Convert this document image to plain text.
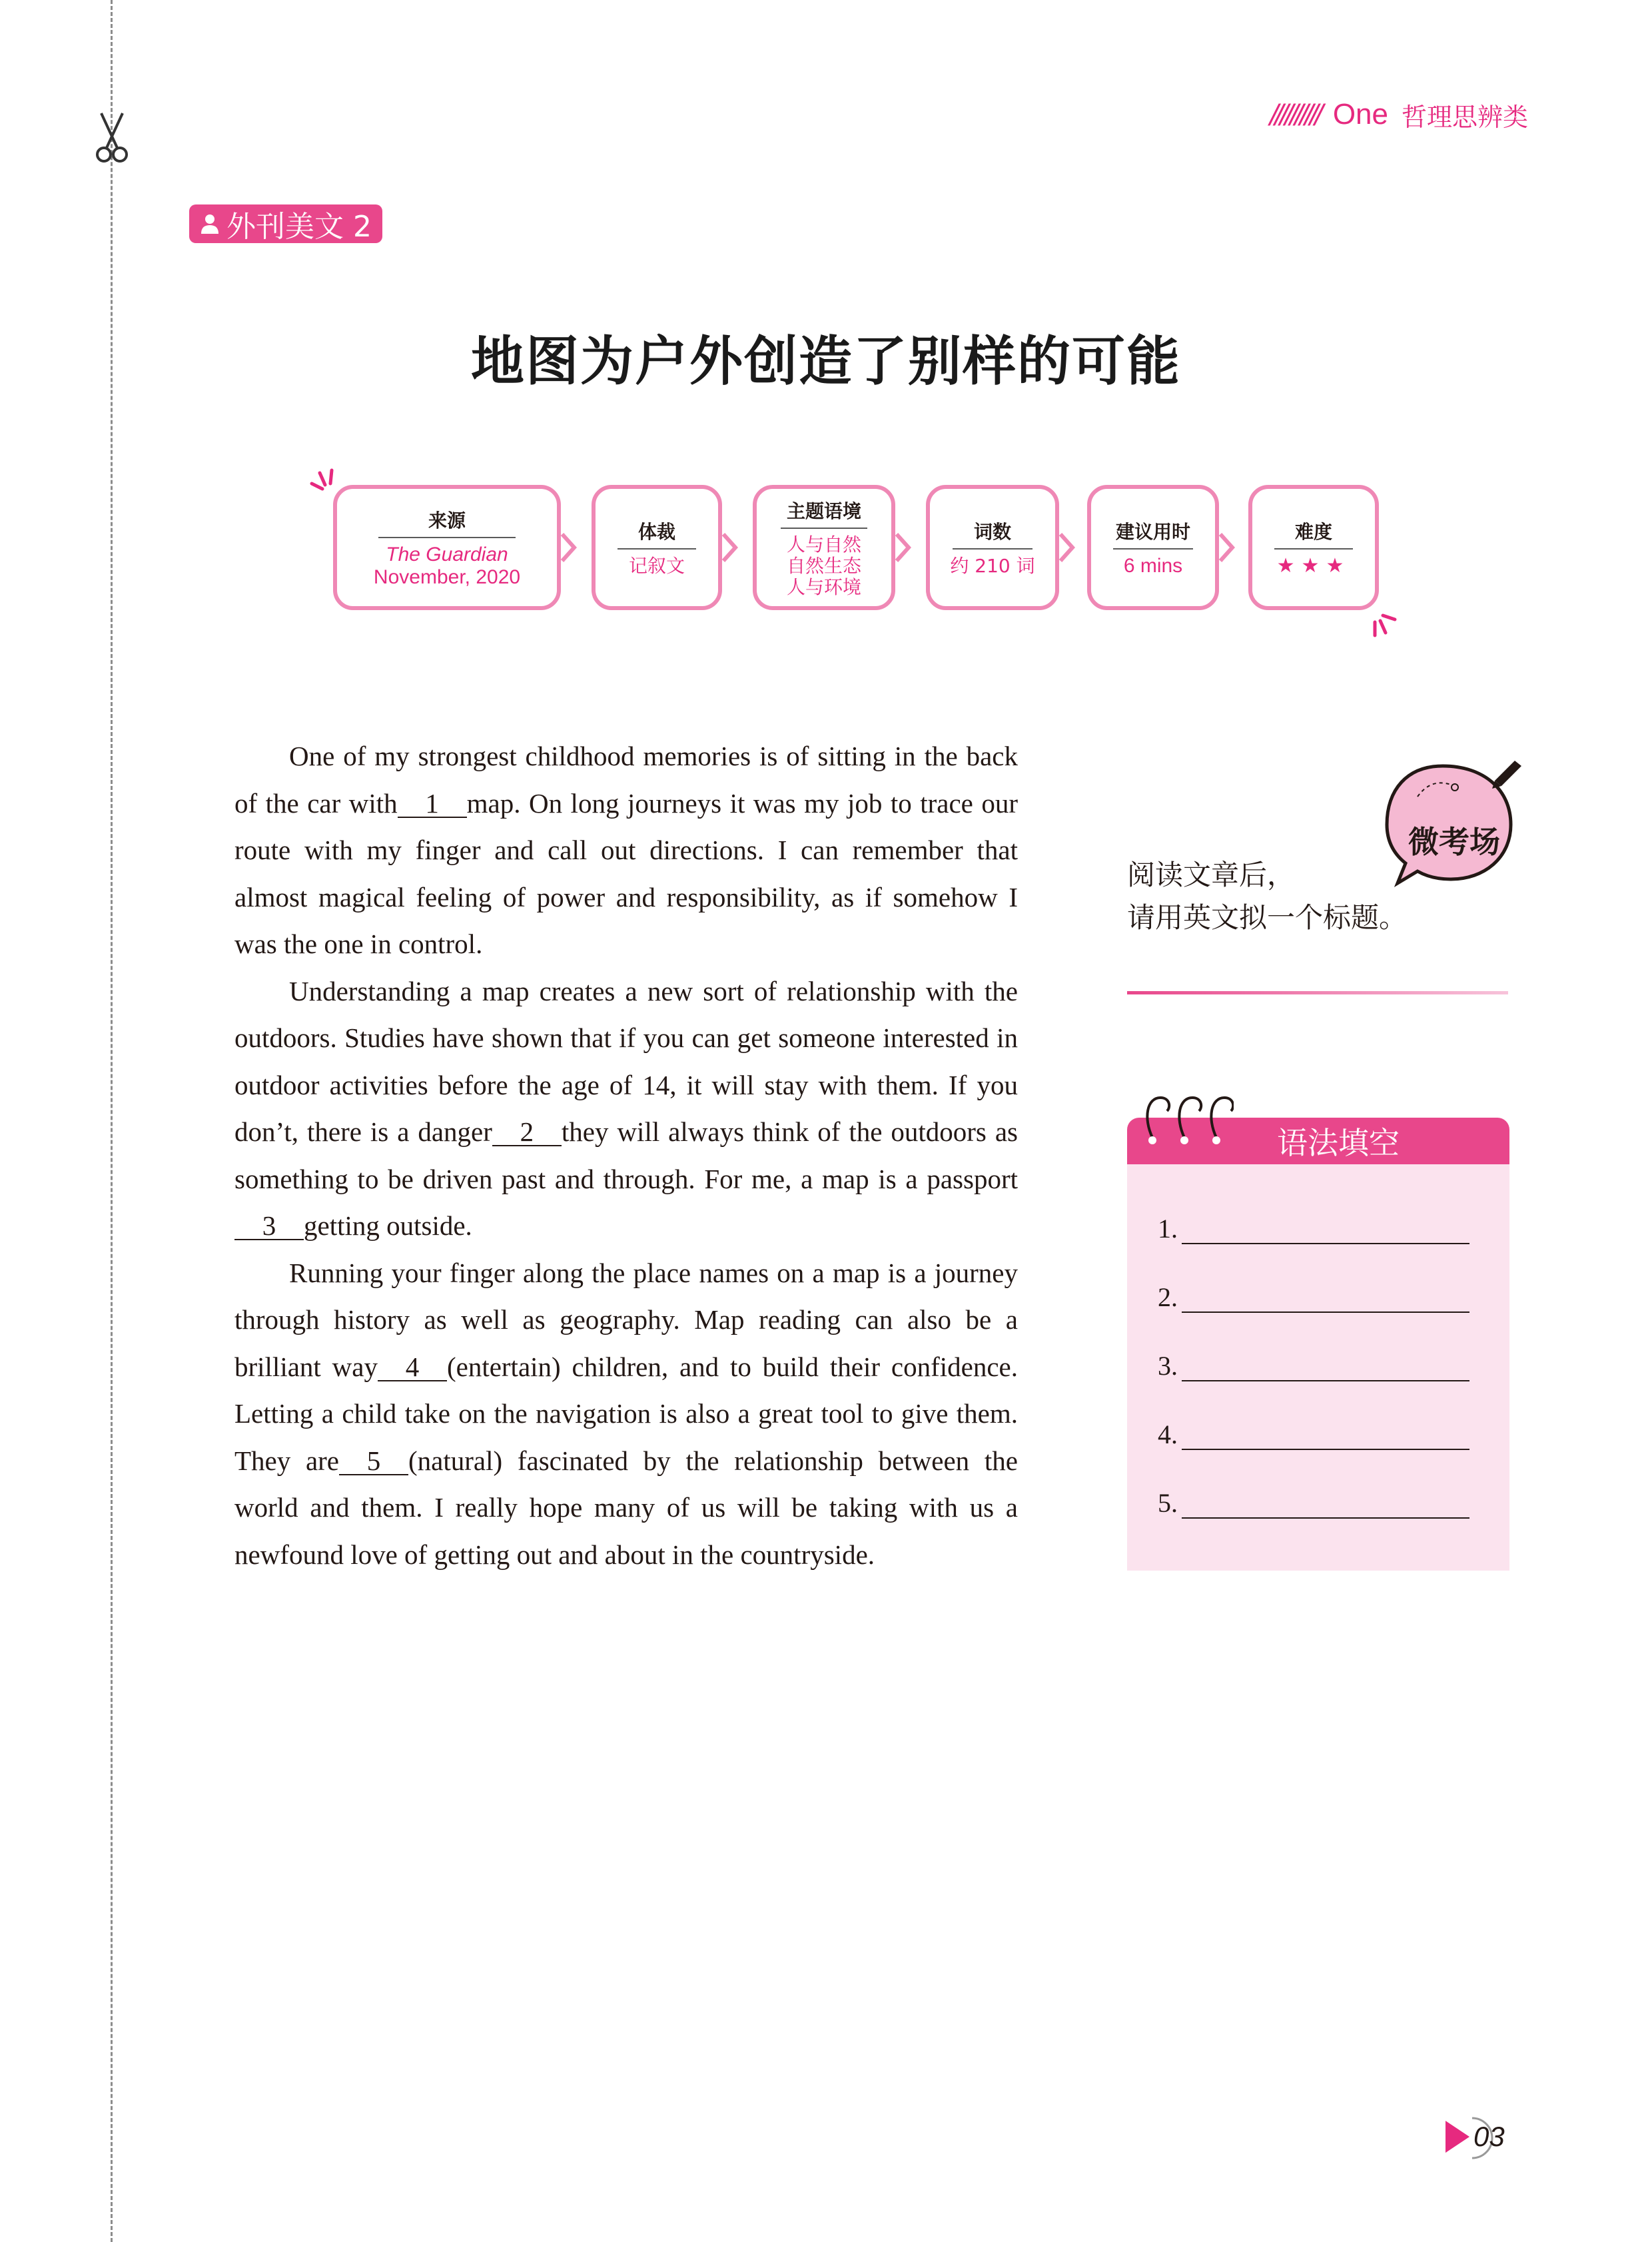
////////// One 哲理思辨类
外刊美文 2
地图为户外创造了别样的可能
来源
The Guardian
November, 2020
体裁
记叙文
主题语境
人与自然
自然生态
人与环境
词数
约 210 词
建议用时
6 mins
难度
★★★

One of my strongest childhood memories is of sitting in the back of the car with 1 map. On long journeys it was my job to trace our route with my finger and call out directions. I can remember that almost magical feeling of power and responsibility, as if somehow I was the one in control.

Understanding a map creates a new sort of relationship with the outdoors. Studies have shown that if you can get someone interested in outdoor activities before the age of 14, it will stay with them. If you don’t, there is a danger 2 they will always think of the outdoors as something to be driven past and through. For me, a map is a passport3 getting outside.

Running your finger along the place names on a map is a journey through history as well as geography. Map reading can also be a brilliant way 4 (entertain) children, and to build their confidence. Letting a child take on the navigation is also a great tool to give them. They are 5 (natural) fascinated by the relationship between the world and them. I really hope many of us will be taking with us a newfound love of getting out and about in the countryside.

微考场
阅读文章后，
请用英文拟一个标题。
1.
2.
3.
4.
5.
语法填空
03
